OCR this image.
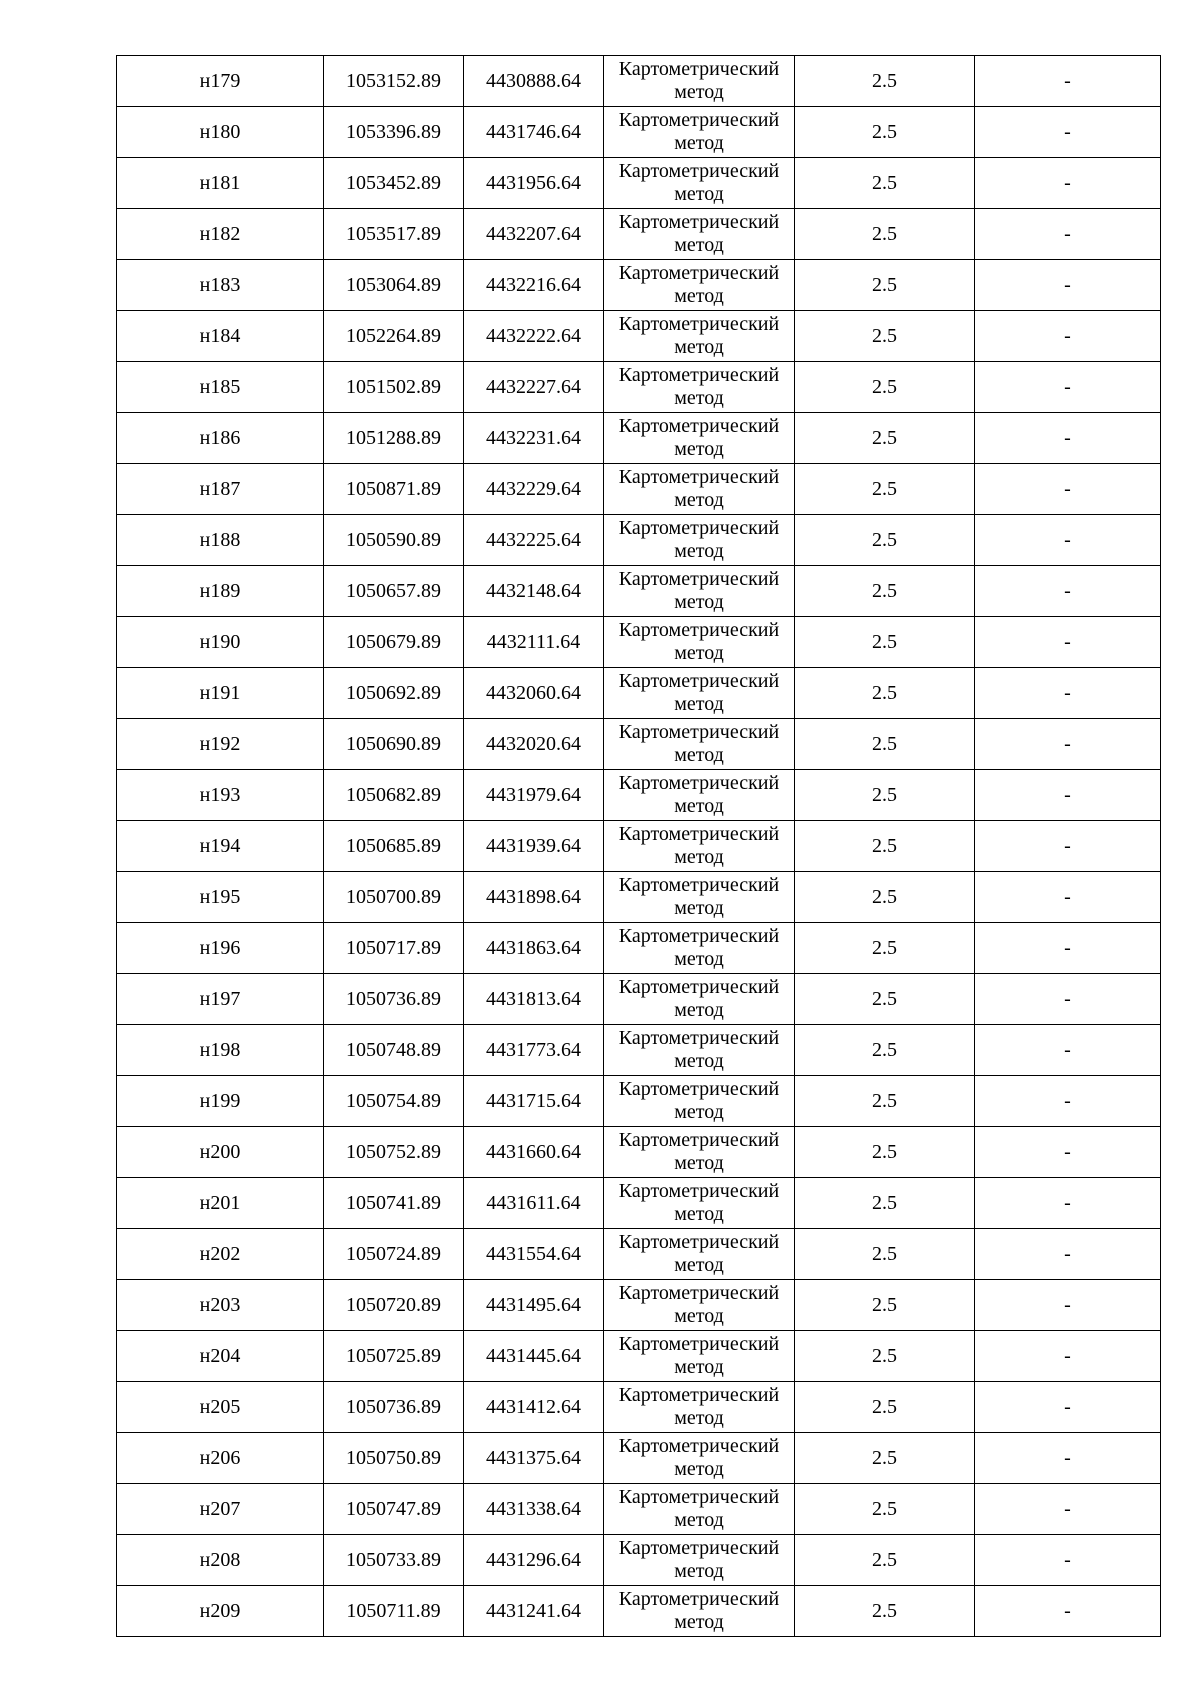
н179	1053152.89	4430888.64	Картометрический
метод	2.5	-
н180	1053396.89	4431746.64	Картометрический
метод	2.5	-
н181	1053452.89	4431956.64	Картометрический
метод	2.5	-
н182	1053517.89	4432207.64	Картометрический
метод	2.5	-
н183	1053064.89	4432216.64	Картометрический
метод	2.5	-
н184	1052264.89	4432222.64	Картометрический
метод	2.5	-
н185	1051502.89	4432227.64	Картометрический
метод	2.5	-
н186	1051288.89	4432231.64	Картометрический
метод	2.5	-
н187	1050871.89	4432229.64	Картометрический
метод	2.5	-
н188	1050590.89	4432225.64	Картометрический
метод	2.5	-
н189	1050657.89	4432148.64	Картометрический
метод	2.5	-
н190	1050679.89	4432111.64	Картометрический
метод	2.5	-
н191	1050692.89	4432060.64	Картометрический
метод	2.5	-
н192	1050690.89	4432020.64	Картометрический
метод	2.5	-
н193	1050682.89	4431979.64	Картометрический
метод	2.5	-
н194	1050685.89	4431939.64	Картометрический
метод	2.5	-
н195	1050700.89	4431898.64	Картометрический
метод	2.5	-
н196	1050717.89	4431863.64	Картометрический
метод	2.5	-
н197	1050736.89	4431813.64	Картометрический
метод	2.5	-
н198	1050748.89	4431773.64	Картометрический
метод	2.5	-
н199	1050754.89	4431715.64	Картометрический
метод	2.5	-
н200	1050752.89	4431660.64	Картометрический
метод	2.5	-
н201	1050741.89	4431611.64	Картометрический
метод	2.5	-
н202	1050724.89	4431554.64	Картометрический
метод	2.5	-
н203	1050720.89	4431495.64	Картометрический
метод	2.5	-
н204	1050725.89	4431445.64	Картометрический
метод	2.5	-
н205	1050736.89	4431412.64	Картометрический
метод	2.5	-
н206	1050750.89	4431375.64	Картометрический
метод	2.5	-
н207	1050747.89	4431338.64	Картометрический
метод	2.5	-
н208	1050733.89	4431296.64	Картометрический
метод	2.5	-
н209	1050711.89	4431241.64	Картометрический
метод	2.5	-
